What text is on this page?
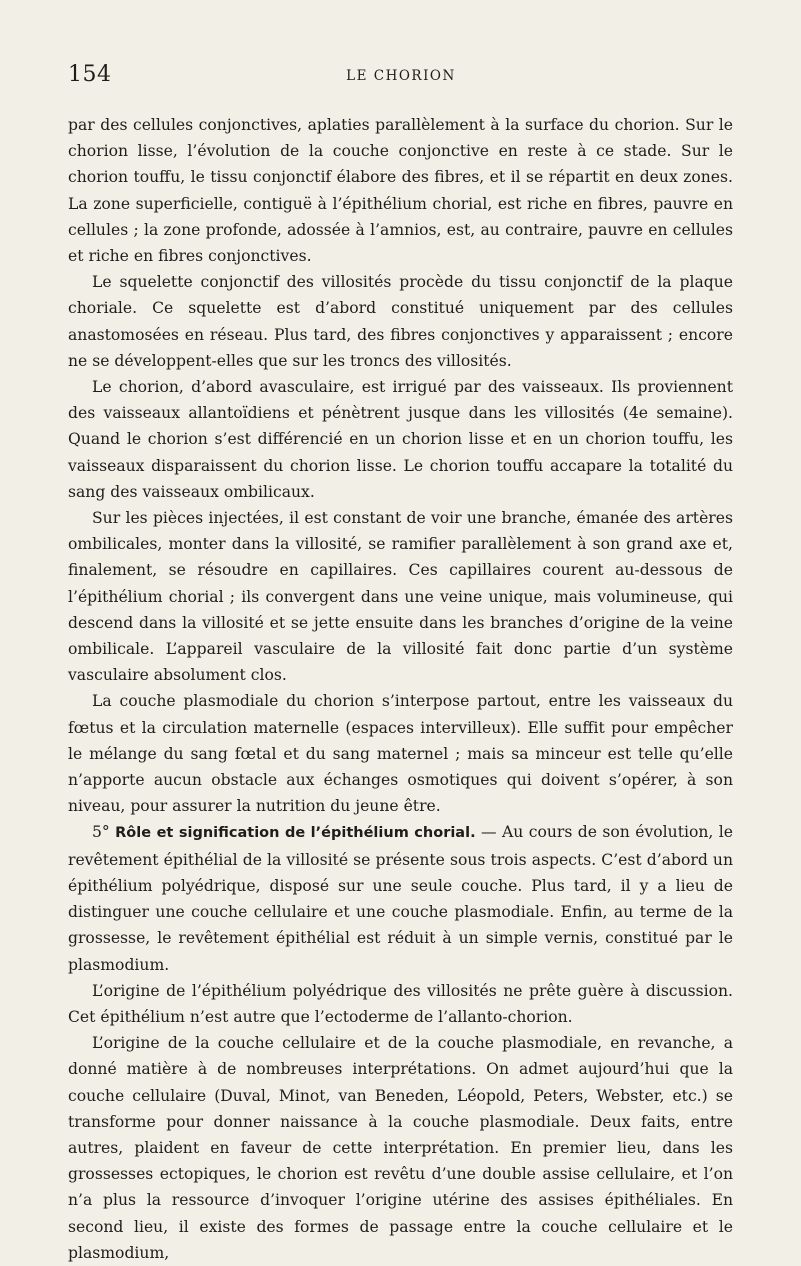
154	LE CHORION

par des cellules conjonctives, aplaties parallèlement à la surface du chorion. Sur le chorion lisse, l’évolution de la couche conjonctive en reste à ce stade. Sur le chorion touffu, le tissu conjonctif élabore des fibres, et il se répartit en deux zones. La zone superficielle, contiguë à l’épithélium chorial, est riche en fibres, pauvre en cellules ; la zone profonde, adossée à l’amnios, est, au contraire, pauvre en cellules et riche en fibres conjonctives.

Le squelette conjonctif des villosités procède du tissu conjonctif de la plaque choriale. Ce squelette est d’abord constitué uniquement par des cellules anastomosées en réseau. Plus tard, des fibres conjonctives y apparaissent ; encore ne se développent-elles que sur les troncs des villosités.

Le chorion, d’abord avasculaire, est irrigué par des vaisseaux. Ils proviennent des vaisseaux allantoïdiens et pénètrent jusque dans les villosités (4e semaine). Quand le chorion s’est différencié en un chorion lisse et en un chorion touffu, les vaisseaux disparaissent du chorion lisse. Le chorion touffu accapare la totalité du sang des vaisseaux ombilicaux.

Sur les pièces injectées, il est constant de voir une branche, émanée des artères ombilicales, monter dans la villosité, se ramifier parallèlement à son grand axe et, finalement, se résoudre en capillaires. Ces capillaires courent au-dessous de l’épithélium chorial ; ils convergent dans une veine unique, mais volumineuse, qui descend dans la villosité et se jette ensuite dans les branches d’origine de la veine ombilicale. L’appareil vasculaire de la villosité fait donc partie d’un système vasculaire absolument clos.

La couche plasmodiale du chorion s’interpose partout, entre les vaisseaux du fœtus et la circulation maternelle (espaces intervilleux). Elle suffit pour empêcher le mélange du sang fœtal et du sang maternel ; mais sa minceur est telle qu’elle n’apporte aucun obstacle aux échanges osmotiques qui doivent s’opérer, à son niveau, pour assurer la nutrition du jeune être.

5° Rôle et signification de l’épithélium chorial. — Au cours de son évolution, le revêtement épithélial de la villosité se présente sous trois aspects. C’est d’abord un épithélium polyédrique, disposé sur une seule couche. Plus tard, il y a lieu de distinguer une couche cellulaire et une couche plasmodiale. Enfin, au terme de la grossesse, le revêtement épithélial est réduit à un simple vernis, constitué par le plasmodium.

L’origine de l’épithélium polyédrique des villosités ne prête guère à discussion. Cet épithélium n’est autre que l’ectoderme de l’allanto-chorion.

L’origine de la couche cellulaire et de la couche plasmodiale, en revanche, a donné matière à de nombreuses interprétations. On admet aujourd’hui que la couche cellulaire (Duval, Minot, van Beneden, Léopold, Peters, Webster, etc.) se transforme pour donner naissance à la couche plasmodiale. Deux faits, entre autres, plaident en faveur de cette interprétation. En premier lieu, dans les grossesses ectopiques, le chorion est revêtu d’une double assise cellulaire, et l’on n’a plus la ressource d’invoquer l’origine utérine des assises épithéliales. En second lieu, il existe des formes de passage entre la couche cellulaire et le plasmodium,
